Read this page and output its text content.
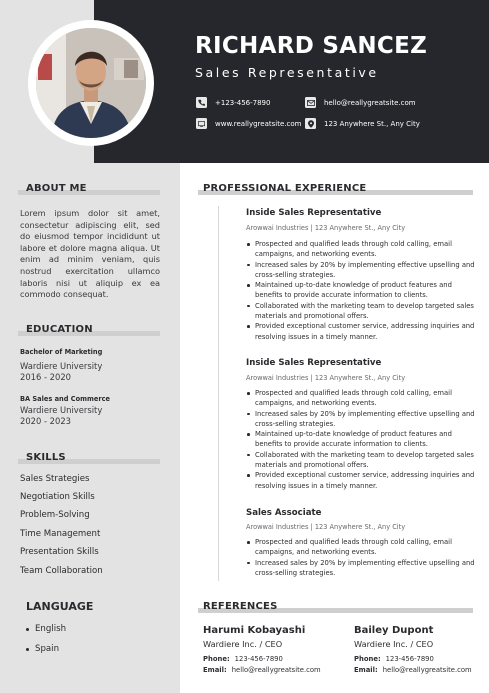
RICHARD SANCEZ
Sales Representative
+123-456-7890	hello@reallygreatsite.com
www.reallygreatsite.com	123 Anywhere St., Any City
ABOUT ME
Lorem ipsum dolor sit amet, consectetur adipiscing elit, sed do eiusmod tempor incididunt ut labore et dolore magna aliqua. Ut enim ad minim veniam, quis nostrud exercitation ullamco laboris nisi ut aliquip ex ea commodo consequat.
EDUCATION
Bachelor of Marketing
Wardiere University
2016 - 2020
BA Sales and Commerce
Wardiere University
2020 - 2023
SKILLS
Sales Strategies
Negotiation Skills
Problem-Solving
Time Management
Presentation Skills
Team Collaboration
LANGUAGE
English
Spain
PROFESSIONAL EXPERIENCE
Inside Sales Representative
Arowwai Industries | 123 Anywhere St., Any City
Prospected and qualified leads through cold calling, email campaigns, and networking events.
Increased sales by 20% by implementing effective upselling and cross-selling strategies.
Maintained up-to-date knowledge of product features and benefits to provide accurate information to clients.
Collaborated with the marketing team to develop targeted sales materials and promotional offers.
Provided exceptional customer service, addressing inquiries and resolving issues in a timely manner.
Inside Sales Representative
Arowwai Industries | 123 Anywhere St., Any City
Prospected and qualified leads through cold calling, email campaigns, and networking events.
Increased sales by 20% by implementing effective upselling and cross-selling strategies.
Maintained up-to-date knowledge of product features and benefits to provide accurate information to clients.
Collaborated with the marketing team to develop targeted sales materials and promotional offers.
Provided exceptional customer service, addressing inquiries and resolving issues in a timely manner.
Sales Associate
Arowwai Industries | 123 Anywhere St., Any City
Prospected and qualified leads through cold calling, email campaigns, and networking events.
Increased sales by 20% by implementing effective upselling and cross-selling strategies.
REFERENCES
Harumi Kobayashi
Wardiere Inc. / CEO
Phone: 123-456-7890
Email: hello@reallygreatsite.com
Bailey Dupont
Wardiere Inc. / CEO
Phone: 123-456-7890
Email: hello@reallygreatsite.com
